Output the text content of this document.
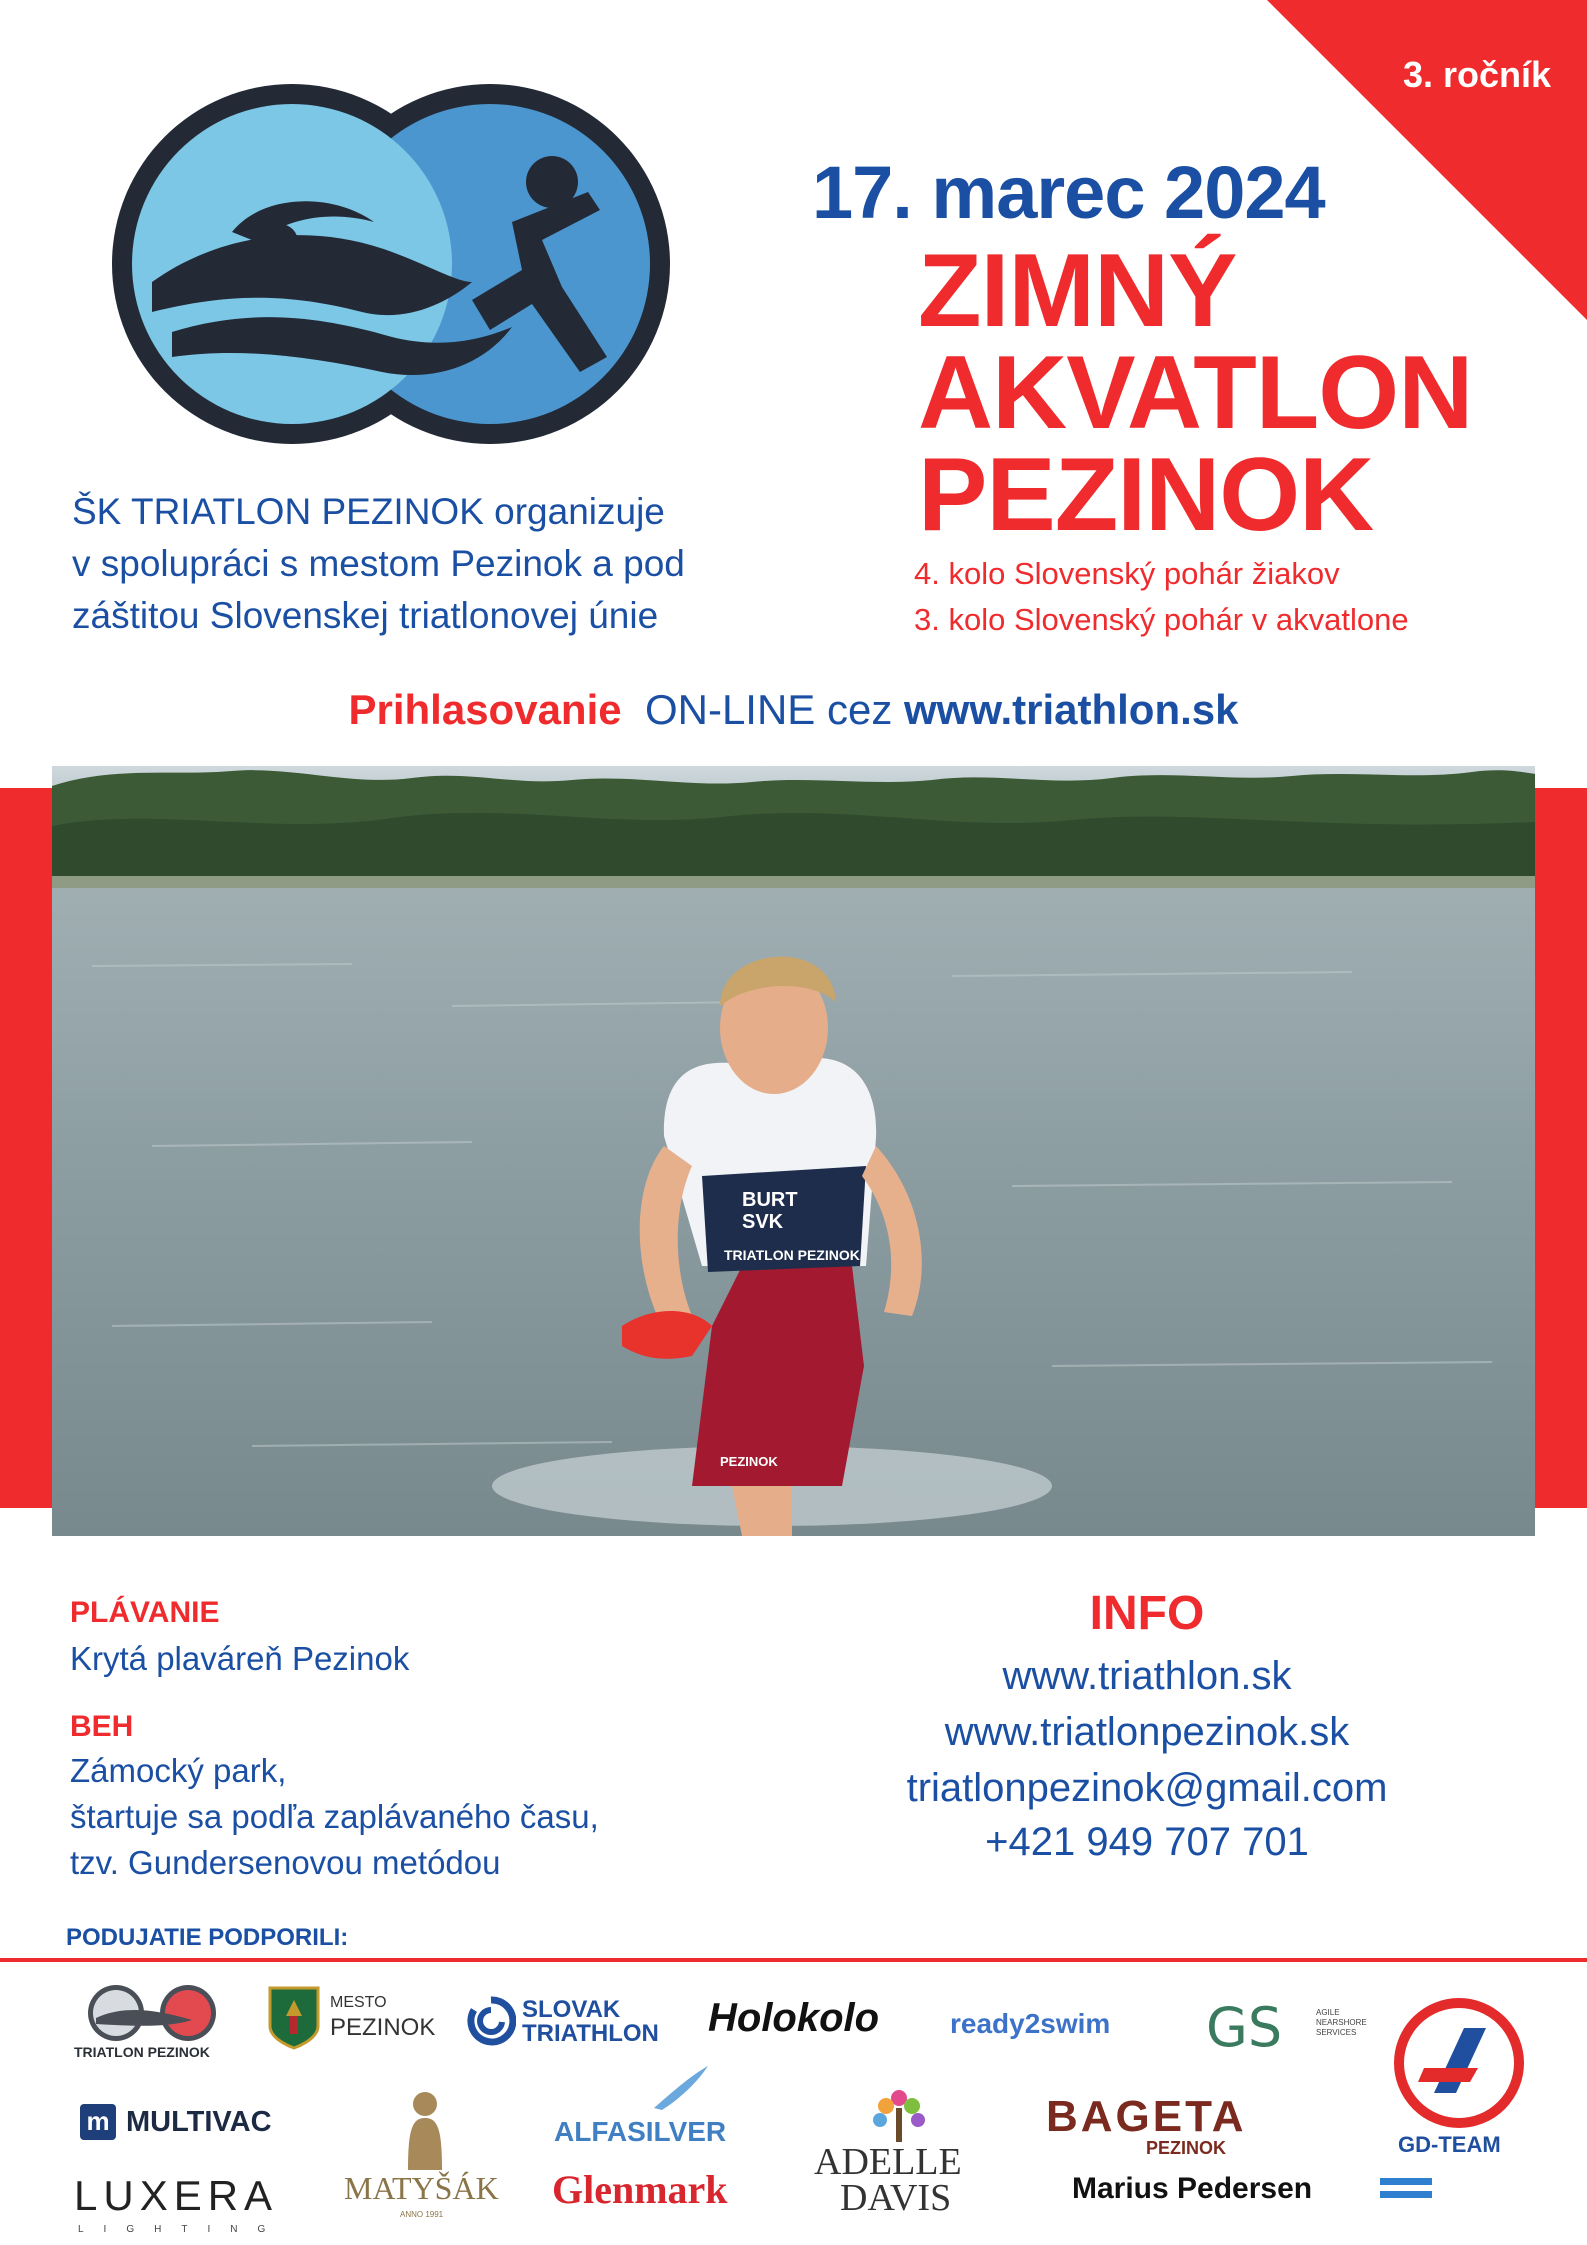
3. ročník
17. marec 2024
ZIMNÝ
AKVATLON
PEZINOK
4. kolo Slovenský pohár žiakov
3. kolo Slovenský pohár v akvatlone
ŠK TRIATLON PEZINOK organizuje
v spolupráci s mestom Pezinok a pod
záštitou Slovenskej triatlonovej únie
Prihlasovanie ON-LINE cez www.triathlon.sk
BURT
SVK
TRIATLON PEZINOK
PEZINOK
PLÁVANIE
Krytá plaváreň Pezinok
BEH
Zámocký park,
štartuje sa podľa zaplávaného času,
tzv. Gundersenovou metódou
INFO
www.triathlon.sk
www.triatlonpezinok.sk
triatlonpezinok@gmail.com
+421 949 707 701
PODUJATIE PODPORILI:
TRIATLON PEZINOK
MESTO
PEZINOK
SLOVAK
TRIATHLON Holokolo	ready2swim GS	AGILE
NEARSHORE
SERVICES
GD-TEAM
m MULTIVAC
MATYŠÁK
ANNO 1991
ALFASILVER
Glenmark
ADELLE
DAVIS
BAGETA
PEZINOK
Marius Pedersen
LUXERA
LIGHTING
